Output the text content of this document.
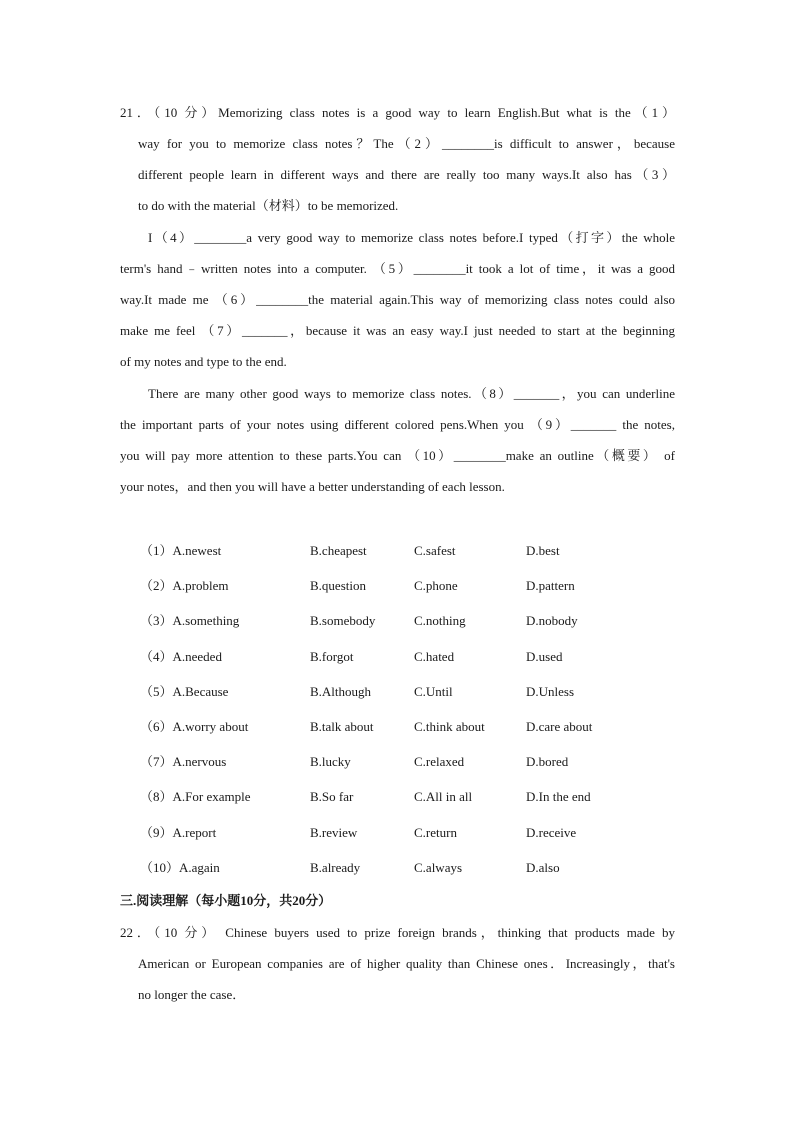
21．（10 分）Memorizing class notes is a good way to learn English.But what is the（1）
way for you to memorize class notes？The（2）________is difficult to answer，because
different people learn in different ways and there are really too many ways.It also has（3）
to do with the material（材料）to be memorized.
I（4）________a very good way to memorize class notes before.I typed（打字）the whole
term's hand﹣written notes into a computer. （5）________it took a lot of time，it was a good
way.It made me （6）________the material again.This way of memorizing class notes could also
make me feel （7）_______，because it was an easy way.I just needed to start at the beginning
of my notes and type to the end.
There are many other good ways to memorize class notes.（8）_______，you can underline
the important parts of your notes using different colored pens.When you （9）_______ the notes,
you will pay more attention to these parts.You can （10）________make an outline（概要） of
your notes，and then you will have a better understanding of each lesson.
（1）A.newest	B.cheapest	C.safest	D.best
（2）A.problem	B.question	C.phone	D.pattern
（3）A.something	B.somebody	C.nothing	D.nobody
（4）A.needed	B.forgot	C.hated	D.used
（5）A.Because	B.Although	C.Until	D.Unless
（6）A.worry about	B.talk about	C.think about	D.care about
（7）A.nervous	B.lucky	C.relaxed	D.bored
（8）A.For example	B.So far	C.All in all	D.In the end
（9）A.report	B.review	C.return	D.receive
（10）A.again	B.already	C.always	D.also
三.阅读理解（每小题10分，共20分）
22．（10 分） Chinese buyers used to prize foreign brands，thinking that products made by
American or European companies are of higher quality than Chinese ones．Increasingly，that's
no longer the case．
